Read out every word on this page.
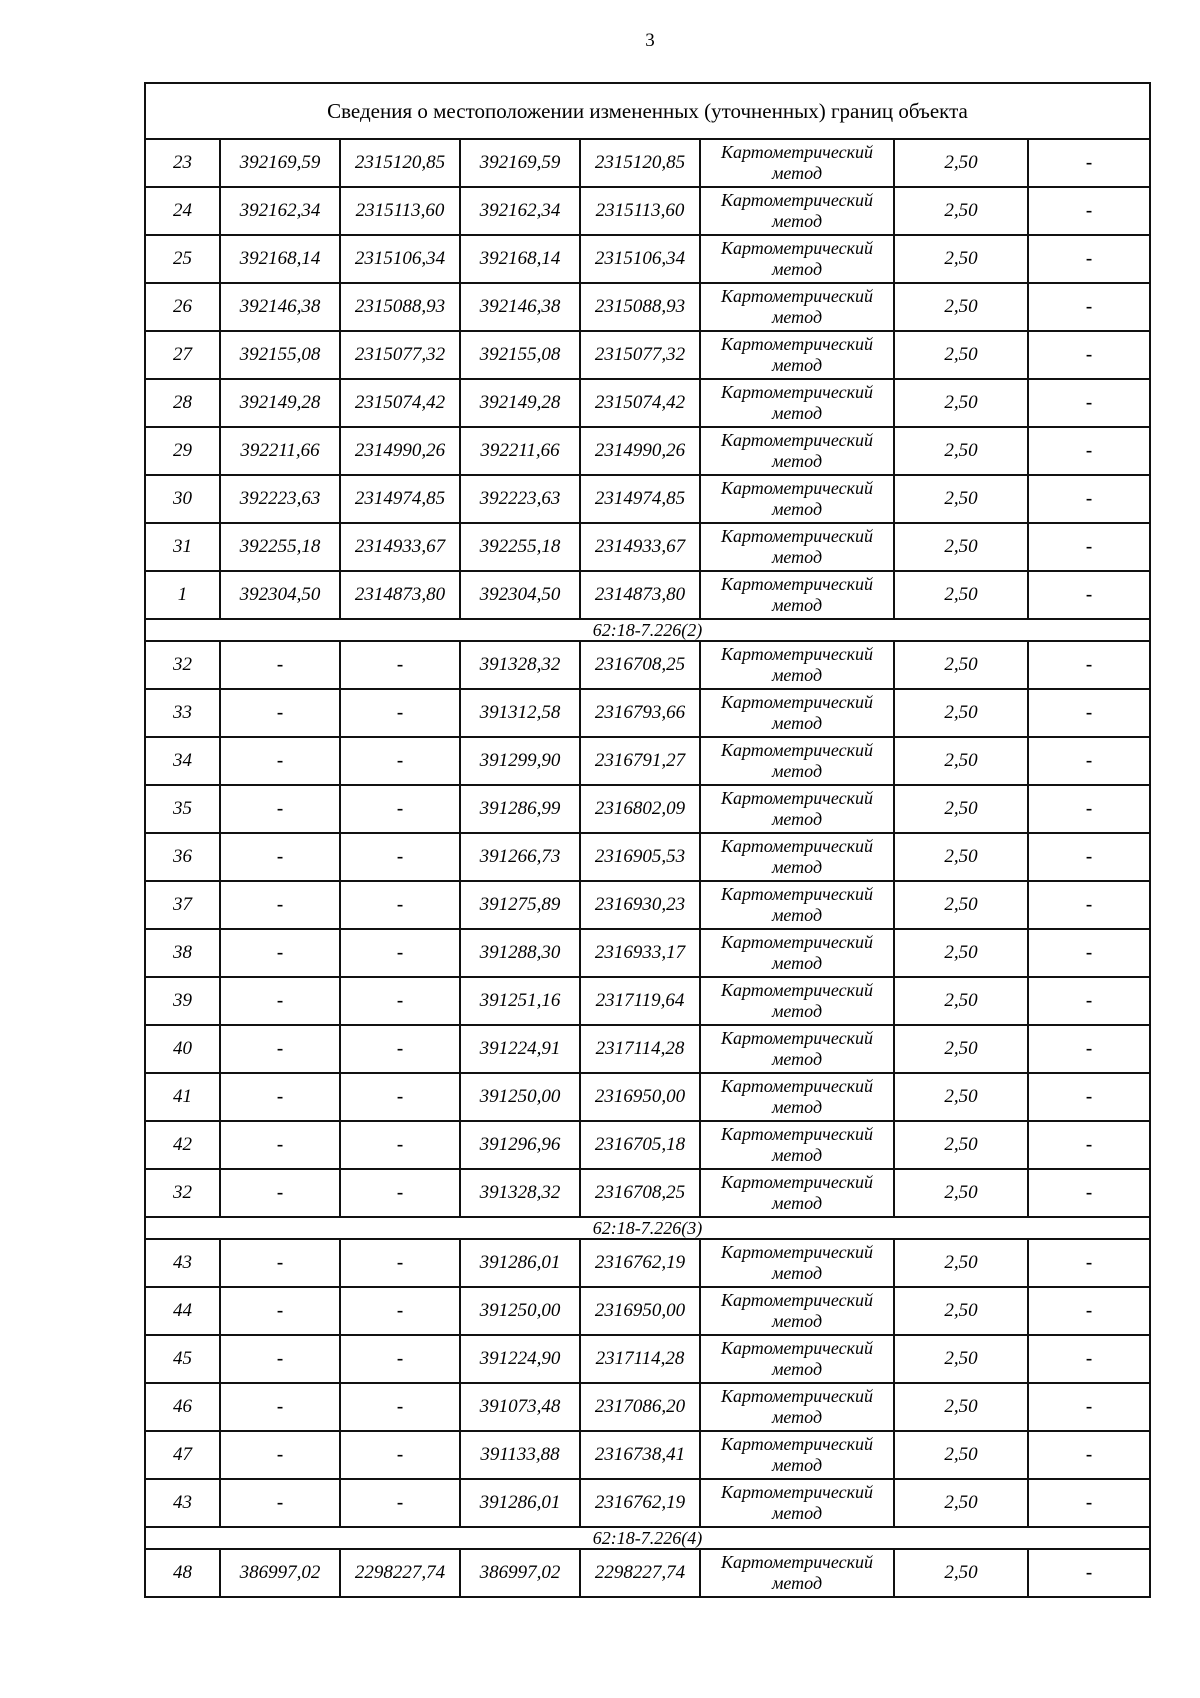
3
Сведения о местоположении измененных (уточненных) границ объекта							
23	392169,59	2315120,85	392169,59	2315120,85	Картометрический метод	2,50	-
24	392162,34	2315113,60	392162,34	2315113,60	Картометрический метод	2,50	-
25	392168,14	2315106,34	392168,14	2315106,34	Картометрический метод	2,50	-
26	392146,38	2315088,93	392146,38	2315088,93	Картометрический метод	2,50	-
27	392155,08	2315077,32	392155,08	2315077,32	Картометрический метод	2,50	-
28	392149,28	2315074,42	392149,28	2315074,42	Картометрический метод	2,50	-
29	392211,66	2314990,26	392211,66	2314990,26	Картометрический метод	2,50	-
30	392223,63	2314974,85	392223,63	2314974,85	Картометрический метод	2,50	-
31	392255,18	2314933,67	392255,18	2314933,67	Картометрический метод	2,50	-
1	392304,50	2314873,80	392304,50	2314873,80	Картометрический метод	2,50	-
62:18-7.226(2)							
32	-	-	391328,32	2316708,25	Картометрический метод	2,50	-
33	-	-	391312,58	2316793,66	Картометрический метод	2,50	-
34	-	-	391299,90	2316791,27	Картометрический метод	2,50	-
35	-	-	391286,99	2316802,09	Картометрический метод	2,50	-
36	-	-	391266,73	2316905,53	Картометрический метод	2,50	-
37	-	-	391275,89	2316930,23	Картометрический метод	2,50	-
38	-	-	391288,30	2316933,17	Картометрический метод	2,50	-
39	-	-	391251,16	2317119,64	Картометрический метод	2,50	-
40	-	-	391224,91	2317114,28	Картометрический метод	2,50	-
41	-	-	391250,00	2316950,00	Картометрический метод	2,50	-
42	-	-	391296,96	2316705,18	Картометрический метод	2,50	-
32	-	-	391328,32	2316708,25	Картометрический метод	2,50	-
62:18-7.226(3)							
43	-	-	391286,01	2316762,19	Картометрический метод	2,50	-
44	-	-	391250,00	2316950,00	Картометрический метод	2,50	-
45	-	-	391224,90	2317114,28	Картометрический метод	2,50	-
46	-	-	391073,48	2317086,20	Картометрический метод	2,50	-
47	-	-	391133,88	2316738,41	Картометрический метод	2,50	-
43	-	-	391286,01	2316762,19	Картометрический метод	2,50	-
62:18-7.226(4)							
48	386997,02	2298227,74	386997,02	2298227,74	Картометрический метод	2,50	-
